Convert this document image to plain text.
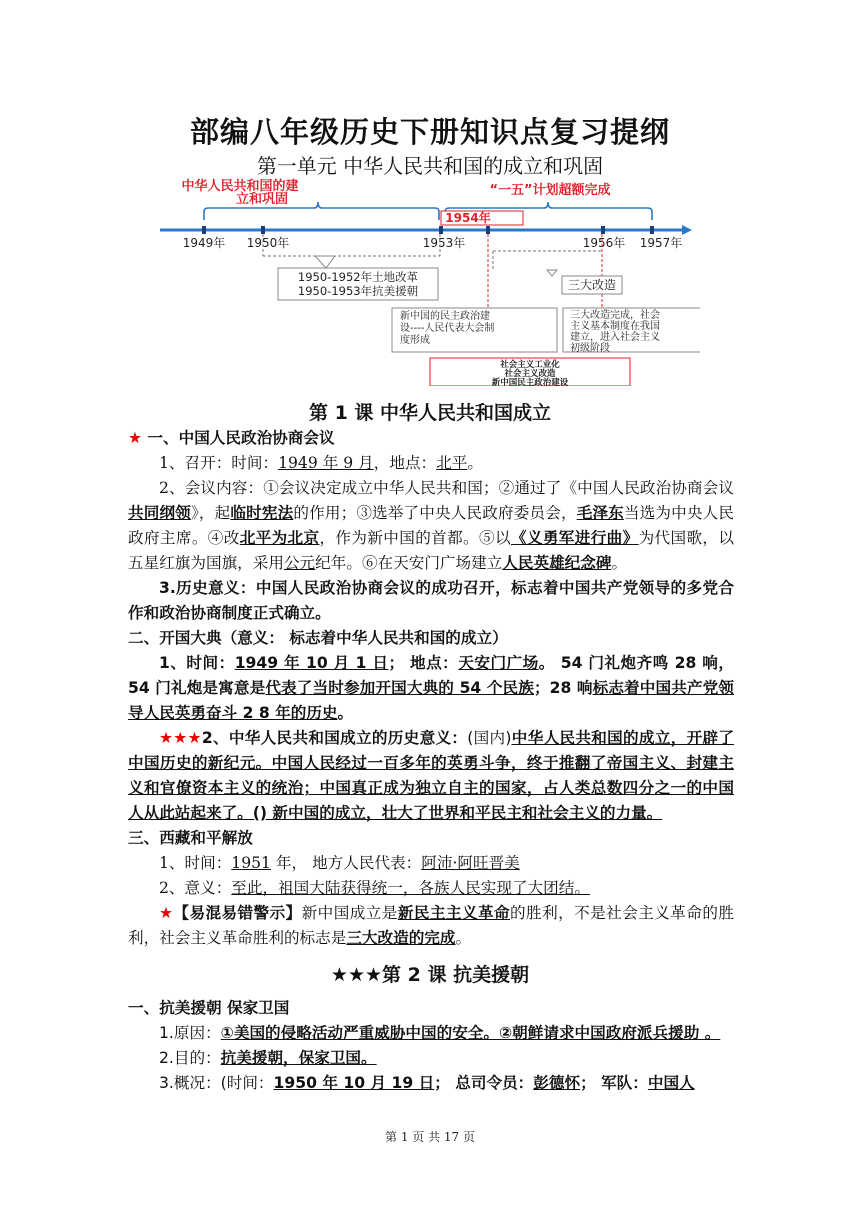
部编八年级历史下册知识点复习提纲
第一单元 中华人民共和国的成立和巩固
中华人民共和国的建
立和巩固
“一五”计划超额完成
1954年
1949年 1950年	1953年	1956年 1957年
1950-1952年土地改革
1950-1953年抗美援朝	三大改造
新中国的民主政治建
设----人民代表大会制
度形成
三大改造完成，社会
主义基本制度在我国
建立，进入社会主义
初级阶段
社会主义工业化
社会主义改造
新中国民主政治建设
第 1 课 中华人民共和国成立

★ 一、中国人民政治协商会议

1、召开：时间：1949 年 9 月，地点：北平。

2、会议内容：①会议决定成立中华人民共和国；②通过了《中国人民政治协商会议共同纲领》，起临时宪法的作用；③选举了中央人民政府委员会，毛泽东当选为中央人民政府主席。④改北平为北京，作为新中国的首都。⑤以《义勇军进行曲》为代国歌，以五星红旗为国旗，采用公元纪年。⑥在天安门广场建立人民英雄纪念碑。

3.历史意义：中国人民政治协商会议的成功召开，标志着中国共产党领导的多党合作和政治协商制度正式确立。

二、开国大典（意义： 标志着中华人民共和国的成立）

1、时间：1949 年 10 月 1 日； 地点：天安门广场。 54 门礼炮齐鸣 28 响，54 门礼炮是寓意是代表了当时参加开国大典的 54 个民族；28 响标志着中国共产党领导人民英勇奋斗 2 8 年的历史。

★★★2、中华人民共和国成立的历史意义：(国内)中华人民共和国的成立，开辟了中国历史的新纪元。中国人民经过一百多年的英勇斗争，终于推翻了帝国主义、封建主义和官僚资本主义的统治；中国真正成为独立自主的国家，占人类总数四分之一的中国人从此站起来了。() 新中国的成立，壮大了世界和平民主和社会主义的力量。

三、西藏和平解放

1、时间：1951 年， 地方人民代表：阿沛·阿旺晋美

2、意义：至此，祖国大陆获得统一，各族人民实现了大团结。

★【易混易错警示】新中国成立是新民主主义革命的胜利，不是社会主义革命的胜利，社会主义革命胜利的标志是三大改造的完成。

★★★第 2 课 抗美援朝

一、抗美援朝 保家卫国

1.原因：①美国的侵略活动严重威胁中国的安全。②朝鲜请求中国政府派兵援助 。

2.目的：抗美援朝，保家卫国。

3.概况：(时间：1950 年 10 月 19 日； 总司令员：彭德怀； 军队：中国人

第 1 页 共 17 页
